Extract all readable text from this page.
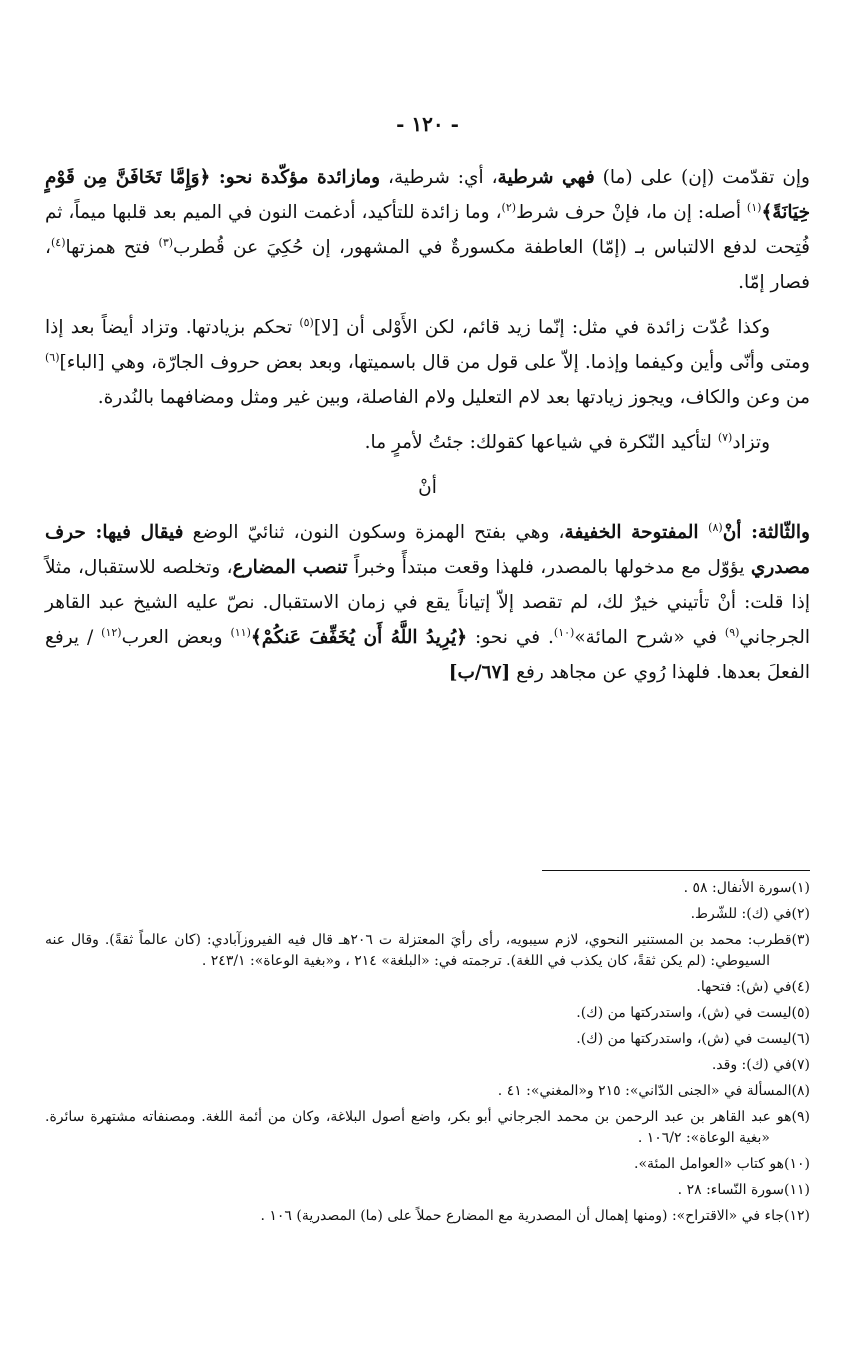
- ١٢٠ -

وإن تقدّمت (إن) على (ما) فهي شرطية، أي: شرطية، ومازائدة مؤكّدة نحو: ﴿وَإِمَّا تَخَافَنَّ مِن قَوْمٍ خِيَانَةً﴾$^{(١)}$ أصله: إن ما، فإنْ حرف شرط$^{(٢)}$، وما زائدة للتأكيد، أدغمت النون في الميم بعد قلبها ميماً، ثم فُتِحت لدفع الالتباس بـ (إمّا) العاطفة مكسورةٌ في المشهور، إن حُكِيَ عن قُطرب$^{(٣)}$ فتح همزتها$^{(٤)}$، فصار إمّا.

وكذا عُدّت زائدة في مثل: إنّما زيد قائم، لكن الأَوْلى أن [لا]$^{(٥)}$ تحكم بزيادتها. وتزاد أيضاً بعد إذا ومتى وأنّى وأين وكيفما وإذما. إلاّ على قول من قال باسميتها، وبعد بعض حروف الجارّة، وهي [الباء]$^{(٦)}$ من وعن والكاف، ويجوز زيادتها بعد لام التعليل ولام الفاصلة، وبين غير ومثل ومضافهما بالنُدرة.

وتزاد$^{(٧)}$ لتأكيد النّكرة في شياعها كقولك: جئتُ لأمرٍ ما.

أنْ

والثّالثة: أنْ$^{(٨)}$ المفتوحة الخفيفة، وهي بفتح الهمزة وسكون النون، ثنائيّ الوضع فيقال فيها: حرف مصدري يؤوّل مع مدخولها بالمصدر، فلهذا وقعت مبتدأً وخبراً تنصب المضارع، وتخلصه للاستقبال، مثلاً إذا قلت: أنْ تأتيني خيرٌ لك، لم تقصد إلاّ إتياناً يقع في زمان الاستقبال. نصّ عليه الشيخ عبد القاهر الجرجاني$^{(٩)}$ في «شرح المائة»$^{(١٠)}$. في نحو: ﴿يُرِيدُ اللَّهُ أَن يُخَفِّفَ عَنكُمْ﴾$^{(١١)}$ وبعض العرب$^{(١٢)}$ / يرفع الفعلَ بعدها. فلهذا رُوي عن مجاهد رفع [٦٧/ب]

(١)سورة الأنفال: ٥٨ .

(٢)في (ك): للشّرط.

(٣)قطرب: محمد بن المستنير النحوي، لازم سيبويه، رأى رأيَ المعتزلة ت ٢٠٦هـ قال فيه الفيروزآبادي: (كان عالماً ثقةً). وقال عنه السيوطي: (لم يكن ثقةً، كان يكذب في اللغة). ترجمته في: «البلغة» ٢١٤ ، و«بغية الوعاة»: ٢٤٣/١ .

(٤)في (ش): فتحها.

(٥)ليست في (ش)، واستدركتها من (ك).

(٦)ليست في (ش)، واستدركتها من (ك).

(٧)في (ك): وقد.

(٨)المسألة في «الجنى الدّاني»: ٢١٥ و«المغني»: ٤١ .

(٩)هو عبد القاهر بن عبد الرحمن بن محمد الجرجاني أبو بكر، واضع أصول البلاغة، وكان من أئمة اللغة. ومصنفاته مشتهرة سائرة. «بغية الوعاة»: ١٠٦/٢ .

(١٠)هو كتاب «العوامل المئة».

(١١)سورة النّساء: ٢٨ .

(١٢)جاء في «الاقتراح»: (ومنها إهمال أن المصدرية مع المضارع حملاً على (ما) المصدرية) ١٠٦ .
